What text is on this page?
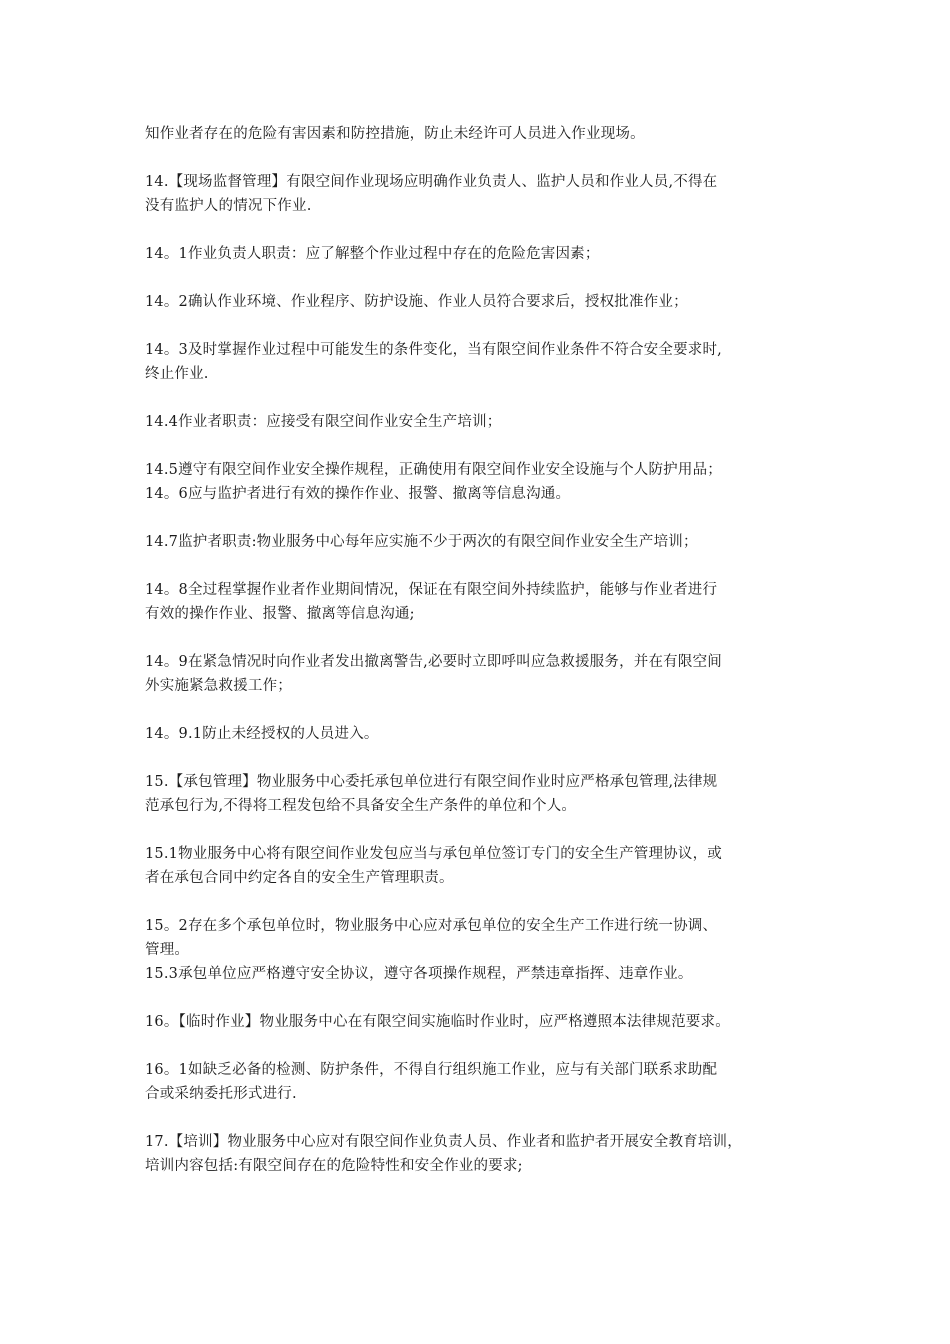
知作业者存在的危险有害因素和防控措施，防止未经许可人员进入作业现场。

14.【现场监督管理】有限空间作业现场应明确作业负责人、监护人员和作业人员,不得在
没有监护人的情况下作业.

14。1作业负责人职责：应了解整个作业过程中存在的危险危害因素；

14。2确认作业环境、作业程序、防护设施、作业人员符合要求后，授权批准作业；

14。3及时掌握作业过程中可能发生的条件变化，当有限空间作业条件不符合安全要求时,
终止作业.

14.4作业者职责：应接受有限空间作业安全生产培训；

14.5遵守有限空间作业安全操作规程，正确使用有限空间作业安全设施与个人防护用品；
14。6应与监护者进行有效的操作作业、报警、撤离等信息沟通。

14.7监护者职责:物业服务中心每年应实施不少于两次的有限空间作业安全生产培训；

14。8全过程掌握作业者作业期间情况，保证在有限空间外持续监护，能够与作业者进行
有效的操作作业、报警、撤离等信息沟通;

14。9在紧急情况时向作业者发出撤离警告,必要时立即呼叫应急救援服务，并在有限空间
外实施紧急救援工作；

14。9.1防止未经授权的人员进入。

15.【承包管理】物业服务中心委托承包单位进行有限空间作业时应严格承包管理,法律规
范承包行为,不得将工程发包给不具备安全生产条件的单位和个人。

15.1物业服务中心将有限空间作业发包应当与承包单位签订专门的安全生产管理协议，或
者在承包合同中约定各自的安全生产管理职责。

15。2存在多个承包单位时，物业服务中心应对承包单位的安全生产工作进行统一协调、
管理。
15.3承包单位应严格遵守安全协议，遵守各项操作规程，严禁违章指挥、违章作业。

16。【临时作业】物业服务中心在有限空间实施临时作业时，应严格遵照本法律规范要求。

16。1如缺乏必备的检测、防护条件，不得自行组织施工作业，应与有关部门联系求助配
合或采纳委托形式进行.

17.【培训】物业服务中心应对有限空间作业负责人员、作业者和监护者开展安全教育培训，
培训内容包括:有限空间存在的危险特性和安全作业的要求;
